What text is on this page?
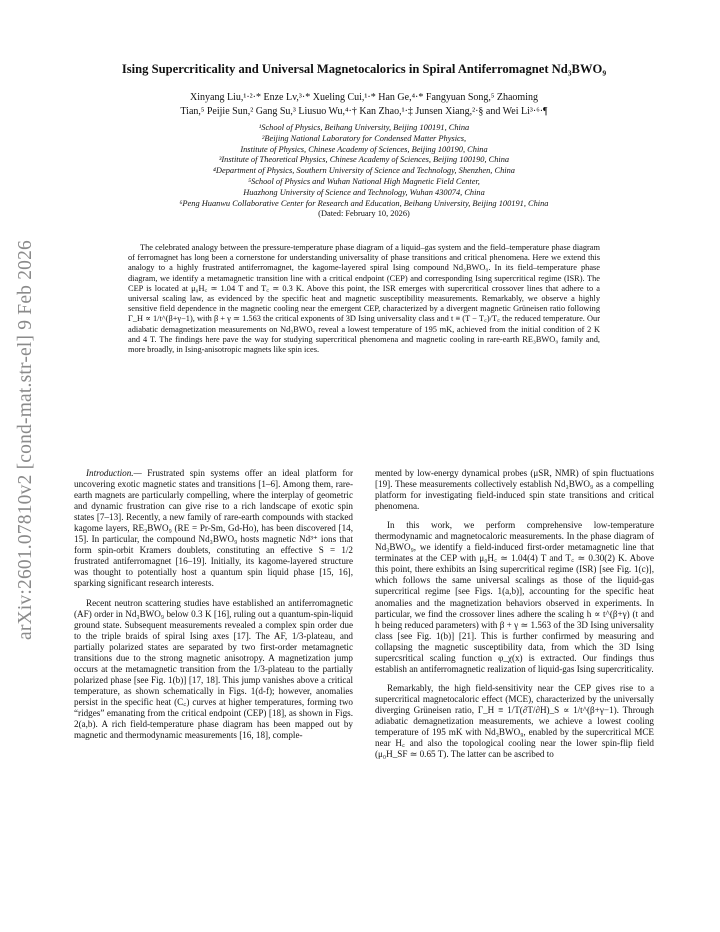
arXiv:2601.07810v2 [cond-mat.str-el] 9 Feb 2026
Ising Supercriticality and Universal Magnetocalorics in Spiral Antiferromagnet Nd₃BWO₉
Xinyang Liu,¹·²·* Enze Lv,³·* Xueling Cui,¹·* Han Ge,⁴·* Fangyuan Song,⁵ Zhaoming
Tian,⁵ Peijie Sun,² Gang Su,³ Liusuo Wu,⁴·† Kan Zhao,¹·‡ Junsen Xiang,²·§ and Wei Li³·⁶·¶
¹School of Physics, Beihang University, Beijing 100191, China
²Beijing National Laboratory for Condensed Matter Physics,
Institute of Physics, Chinese Academy of Sciences, Beijing 100190, China
³Institute of Theoretical Physics, Chinese Academy of Sciences, Beijing 100190, China
⁴Department of Physics, Southern University of Science and Technology, Shenzhen, China
⁵School of Physics and Wuhan National High Magnetic Field Center,
Huazhong University of Science and Technology, Wuhan 430074, China
⁶Peng Huanwu Collaborative Center for Research and Education, Beihang University, Beijing 100191, China
(Dated: February 10, 2026)
The celebrated analogy between the pressure-temperature phase diagram of a liquid–gas system and the field–temperature phase diagram of ferromagnet has long been a cornerstone for understanding universality of phase transitions and critical phenomena. Here we extend this analogy to a highly frustrated antiferromagnet, the kagome-layered spiral Ising compound Nd₃BWO₉. In its field–temperature phase diagram, we identify a metamagnetic transition line with a critical endpoint (CEP) and corresponding Ising supercritical regime (ISR). The CEP is located at μ₀H꜀ ≃ 1.04 T and T꜀ ≃ 0.3 K. Above this point, the ISR emerges with supercritical crossover lines that adhere to a universal scaling law, as evidenced by the specific heat and magnetic susceptibility measurements. Remarkably, we observe a highly sensitive field dependence in the magnetic cooling near the emergent CEP, characterized by a divergent magnetic Grüneisen ratio following Γ_H ∝ 1/t^(β+γ−1), with β + γ ≃ 1.563 the critical exponents of 3D Ising universality class and t ≡ (T − T꜀)/T꜀ the reduced temperature. Our adiabatic demagnetization measurements on Nd₃BWO₉ reveal a lowest temperature of 195 mK, achieved from the initial condition of 2 K and 4 T. The findings here pave the way for studying supercritical phenomena and magnetic cooling in rare-earth RE₃BWO₉ family and, more broadly, in Ising-anisotropic magnets like spin ices.

Introduction.— Frustrated spin systems offer an ideal platform for uncovering exotic magnetic states and transitions [1–6]. Among them, rare-earth magnets are particularly compelling, where the interplay of geometric and dynamic frustration can give rise to a rich landscape of exotic spin states [7–13]. Recently, a new family of rare-earth compounds with stacked kagome layers, RE₃BWO₉ (RE = Pr-Sm, Gd-Ho), has been discovered [14, 15]. In particular, the compound Nd₃BWO₉ hosts magnetic Nd³⁺ ions that form spin-orbit Kramers doublets, constituting an effective S = 1/2 frustrated antiferromagnet [16–19]. Initially, its kagome-layered structure was thought to potentially host a quantum spin liquid phase [15, 16], sparking significant research interests.

Recent neutron scattering studies have established an antiferromagnetic (AF) order in Nd₃BWO₉ below 0.3 K [16], ruling out a quantum-spin-liquid ground state. Subsequent measurements revealed a complex spin order due to the triple braids of spiral Ising axes [17]. The AF, 1/3-plateau, and partially polarized states are separated by two first-order metamagnetic transitions due to the strong magnetic anisotropy. A magnetization jump occurs at the metamagnetic transition from the 1/3-plateau to the partially polarized phase [see Fig. 1(b)] [17, 18]. This jump vanishes above a critical temperature, as shown schematically in Figs. 1(d-f); however, anomalies persist in the specific heat (C꜀) curves at higher temperatures, forming two “ridges” emanating from the critical endpoint (CEP) [18], as shown in Figs. 2(a,b). A rich field-temperature phase diagram has been mapped out by magnetic and thermodynamic measurements [16, 18], comple-

mented by low-energy dynamical probes (μSR, NMR) of spin fluctuations [19]. These measurements collectively establish Nd₃BWO₉ as a compelling platform for investigating field-induced spin state transitions and critical phenomena.

In this work, we perform comprehensive low-temperature thermodynamic and magnetocaloric measurements. In the phase diagram of Nd₃BWO₉, we identify a field-induced first-order metamagnetic line that terminates at the CEP with μ₀H꜀ ≃ 1.04(4) T and T꜀ ≃ 0.30(2) K. Above this point, there exhibits an Ising supercritical regime (ISR) [see Fig. 1(c)], which follows the same universal scalings as those of the liquid-gas supercritical regime [see Figs. 1(a,b)], accounting for the specific heat anomalies and the magnetization behaviors observed in experiments. In particular, we find the crossover lines adhere the scaling h ∝ t^(β+γ) (t and h being reduced parameters) with β + γ ≃ 1.563 of the 3D Ising universality class [see Fig. 1(b)] [21]. This is further confirmed by measuring and collapsing the magnetic susceptibility data, from which the 3D Ising supercsritical scaling function φ_χ(x) is extracted. Our findings thus establish an antiferromagnetic realization of liquid-gas Ising supercriticality.

Remarkably, the high field-sensitivity near the CEP gives rise to a supercritical magnetocaloric effect (MCE), characterized by the universally diverging Grüneisen ratio, Γ_H ≡ 1/T(∂T/∂H)_S ∝ 1/t^(β+γ−1). Through adiabatic demagnetization measurements, we achieve a lowest cooling temperature of 195 mK with Nd₃BWO₉, enabled by the supercritical MCE near H꜀ and also the topological cooling near the lower spin-flip field (μ₀H_SF ≃ 0.65 T). The latter can be ascribed to
